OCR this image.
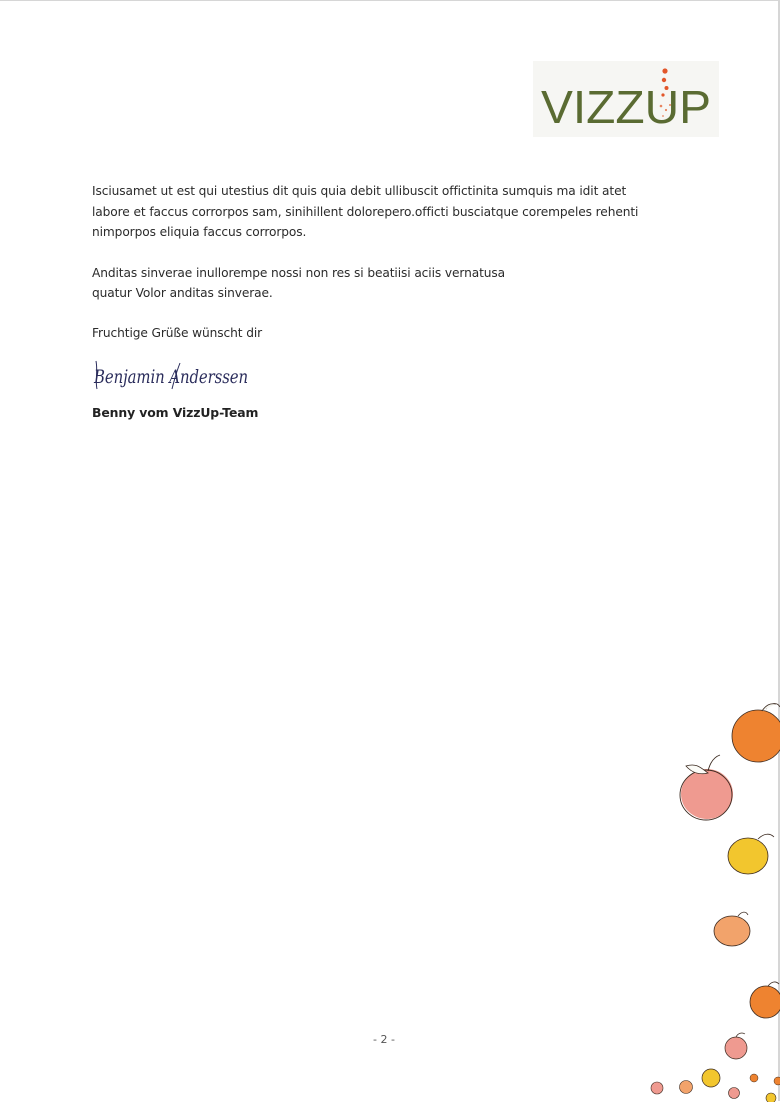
VIZZUP

Isciusamet ut est qui utestius dit quis quia debit ullibuscit offictinita sumquis ma idit atet labore et faccus corrorpos sam, sinihillent dolorepero.officti busciatque corempeles rehenti nimporpos eliquia faccus corrorpos.

Anditas sinverae inullorempe nossi non res si beatiisi aciis vernatusa
quatur Volor anditas sinverae.

Fruchtige Grüße wünscht dir

Benjamin Anderssen

Benny vom VizzUp-Team

- 2 -
